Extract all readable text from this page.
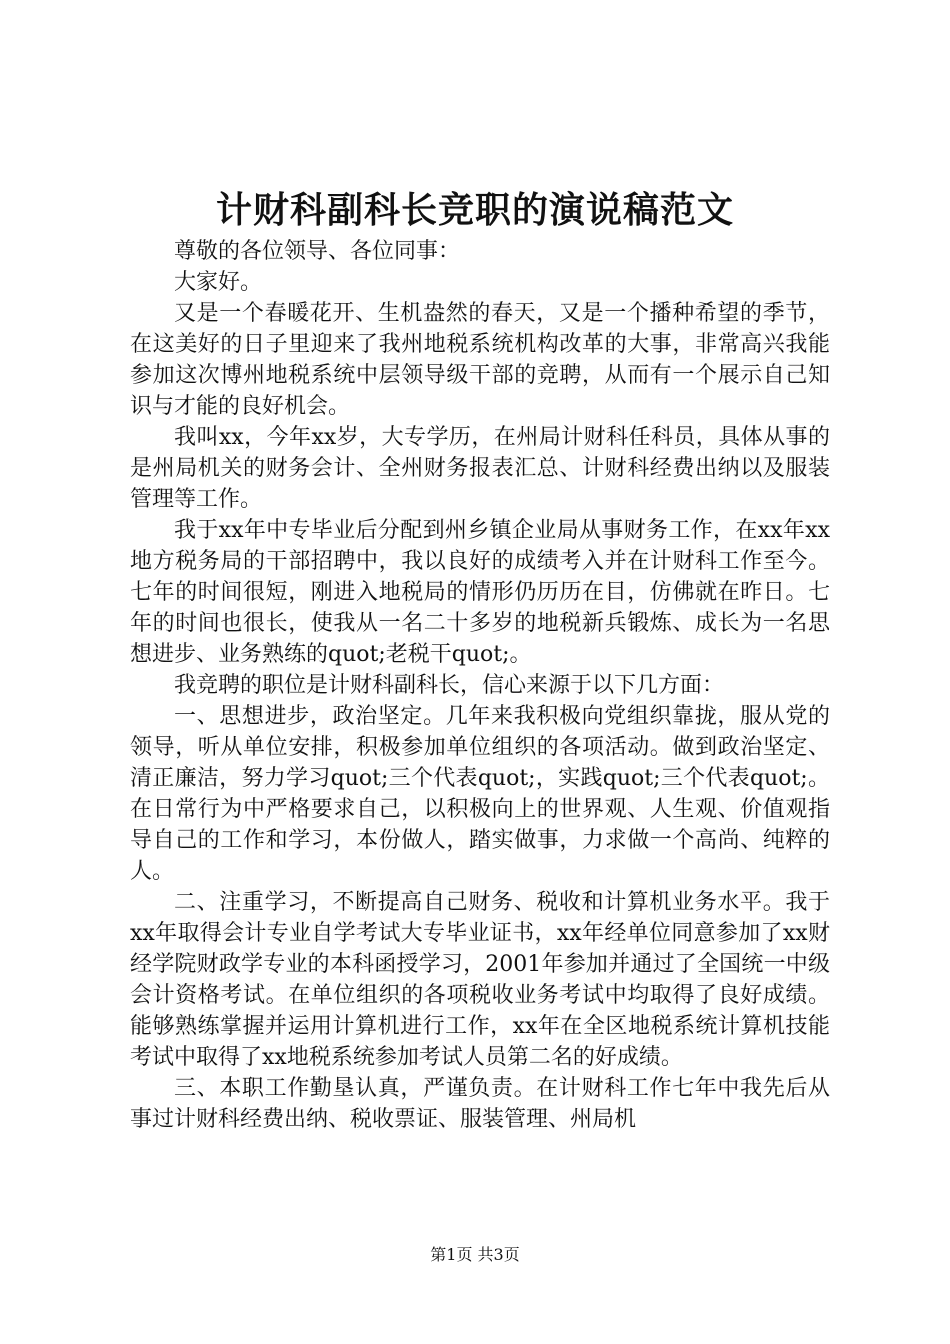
计财科副科长竞职的演说稿范文

尊敬的各位领导、各位同事：

大家好。

又是一个春暖花开、生机盎然的春天，又是一个播种希望的季节，在这美好的日子里迎来了我州地税系统机构改革的大事，非常高兴我能参加这次博州地税系统中层领导级干部的竞聘，从而有一个展示自己知识与才能的良好机会。

我叫xx，今年xx岁，大专学历，在州局计财科任科员，具体从事的是州局机关的财务会计、全州财务报表汇总、计财科经费出纳以及服装管理等工作。

我于xx年中专毕业后分配到州乡镇企业局从事财务工作，在xx年xx地方税务局的干部招聘中，我以良好的成绩考入并在计财科工作至今。七年的时间很短，刚进入地税局的情形仍历历在目，仿佛就在昨日。七年的时间也很长，使我从一名二十多岁的地税新兵锻炼、成长为一名思想进步、业务熟练的quot;老税干quot;。

我竞聘的职位是计财科副科长，信心来源于以下几方面：

一、思想进步，政治坚定。几年来我积极向党组织靠拢，服从党的领导，听从单位安排，积极参加单位组织的各项活动。做到政治坚定、清正廉洁，努力学习quot;三个代表quot;，实践quot;三个代表quot;。在日常行为中严格要求自己，以积极向上的世界观、人生观、价值观指导自己的工作和学习，本份做人，踏实做事，力求做一个高尚、纯粹的人。

二、注重学习，不断提高自己财务、税收和计算机业务水平。我于xx年取得会计专业自学考试大专毕业证书，xx年经单位同意参加了xx财经学院财政学专业的本科函授学习，2001年参加并通过了全国统一中级会计资格考试。在单位组织的各项税收业务考试中均取得了良好成绩。能够熟练掌握并运用计算机进行工作，xx年在全区地税系统计算机技能考试中取得了xx地税系统参加考试人员第二名的好成绩。

三、本职工作勤垦认真，严谨负责。在计财科工作七年中我先后从事过计财科经费出纳、税收票证、服装管理、州局机

第1页 共3页
